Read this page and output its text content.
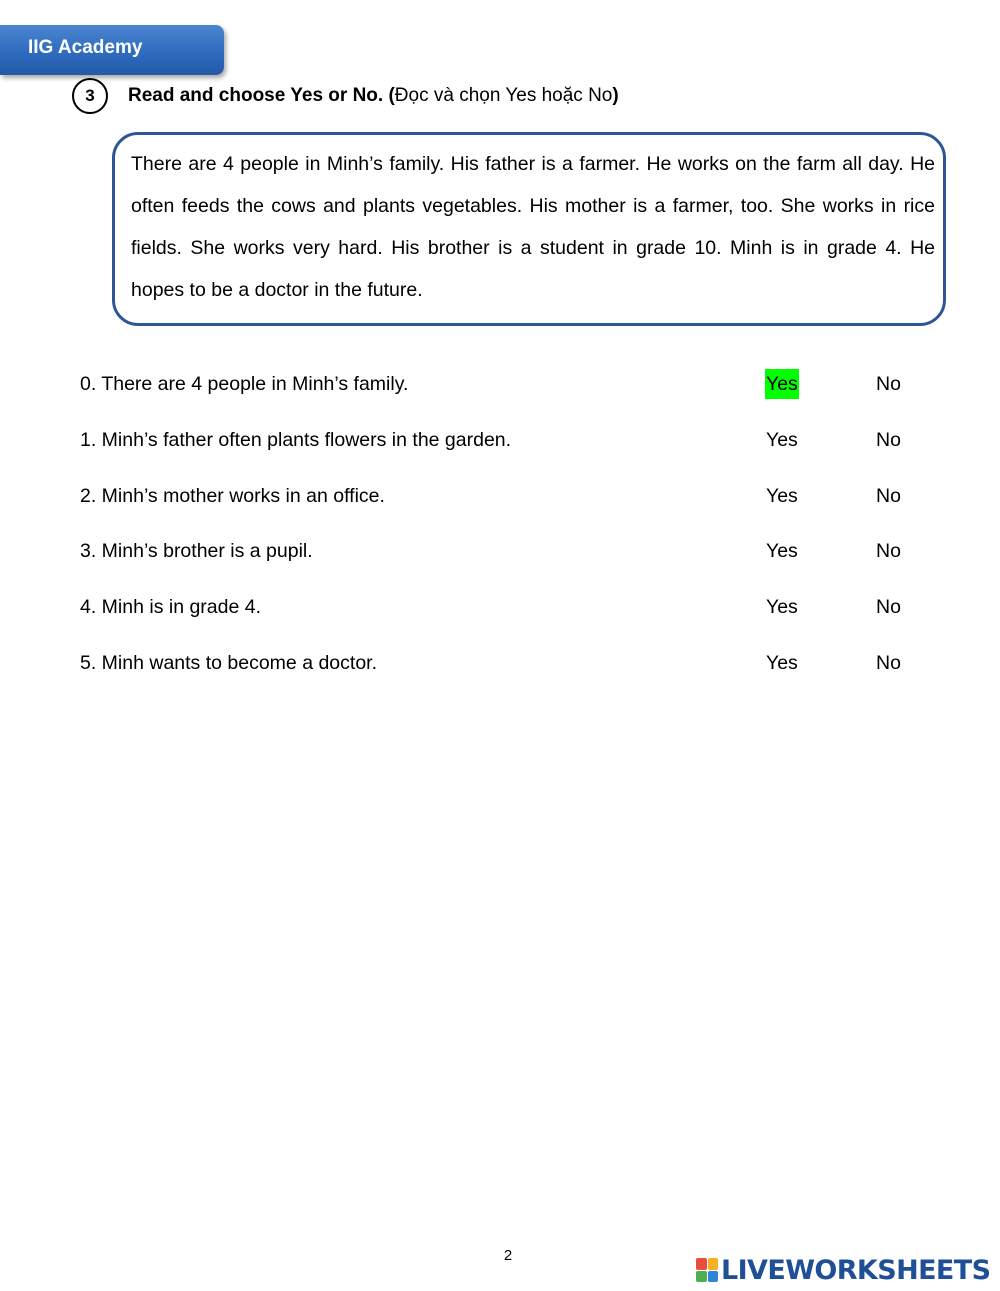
IIG Academy
3	Read and choose Yes or No. (Đọc và chọn Yes hoặc No)

There are 4 people in Minh’s family. His father is a farmer. He works on the farm all day. He often feeds the cows and plants vegetables. His mother is a farmer, too. She works in rice fields. She works very hard. His brother is a student in grade 10. Minh is in grade 4. He hopes to be a doctor in the future.

0. There are 4 people in Minh’s family.	Yes	No
1. Minh’s father often plants flowers in the garden.	Yes	No
2. Minh’s mother works in an office.	Yes	No
3. Minh’s brother is a pupil.	Yes	No
4. Minh is in grade 4.	Yes	No
5. Minh wants to become a doctor.	Yes	No
2	LIVEWORKSHEETS
